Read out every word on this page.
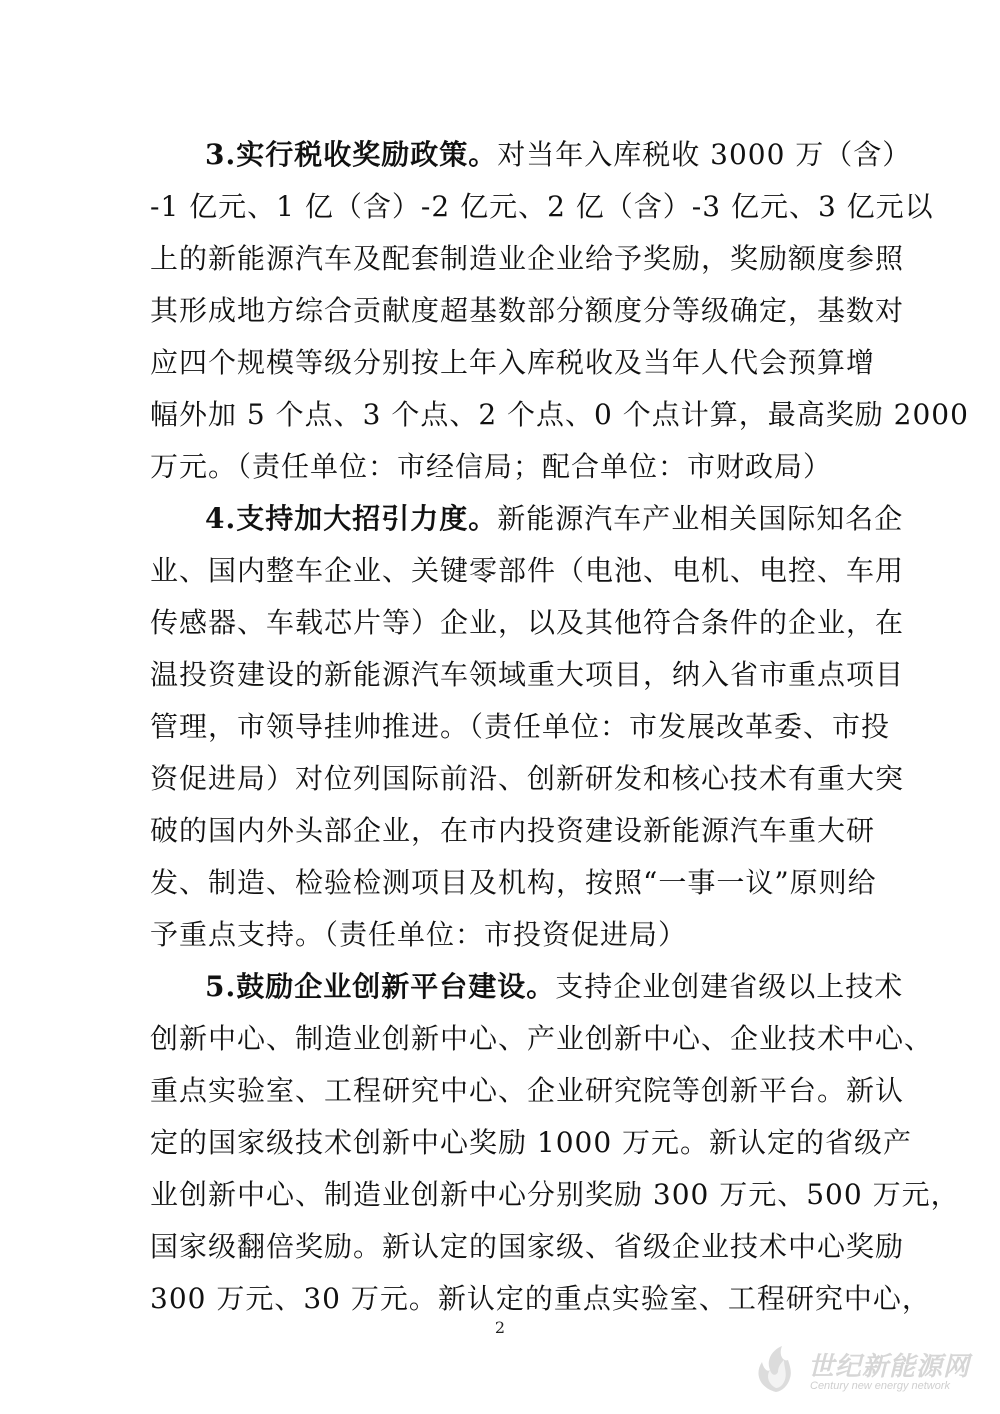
3.实行税收奖励政策。对当年入库税收 3000 万（含）
-1 亿元、1 亿（含）-2 亿元、2 亿（含）-3 亿元、3 亿元以
上的新能源汽车及配套制造业企业给予奖励，奖励额度参照
其形成地方综合贡献度超基数部分额度分等级确定，基数对
应四个规模等级分别按上年入库税收及当年人代会预算增
幅外加 5 个点、3 个点、2 个点、0 个点计算，最高奖励 2000
万元。（责任单位：市经信局；配合单位：市财政局）
4.支持加大招引力度。新能源汽车产业相关国际知名企
业、国内整车企业、关键零部件（电池、电机、电控、车用
传感器、车载芯片等）企业，以及其他符合条件的企业，在
温投资建设的新能源汽车领域重大项目，纳入省市重点项目
管理，市领导挂帅推进。（责任单位：市发展改革委、市投
资促进局）对位列国际前沿、创新研发和核心技术有重大突
破的国内外头部企业，在市内投资建设新能源汽车重大研
发、制造、检验检测项目及机构，按照“一事一议”原则给
予重点支持。（责任单位：市投资促进局）
5.鼓励企业创新平台建设。支持企业创建省级以上技术
创新中心、制造业创新中心、产业创新中心、企业技术中心、
重点实验室、工程研究中心、企业研究院等创新平台。新认
定的国家级技术创新中心奖励 1000 万元。新认定的省级产
业创新中心、制造业创新中心分别奖励 300 万元、500 万元，
国家级翻倍奖励。新认定的国家级、省级企业技术中心奖励
300 万元、30 万元。新认定的重点实验室、工程研究中心，
2
世纪新能源网
Century new energy network
